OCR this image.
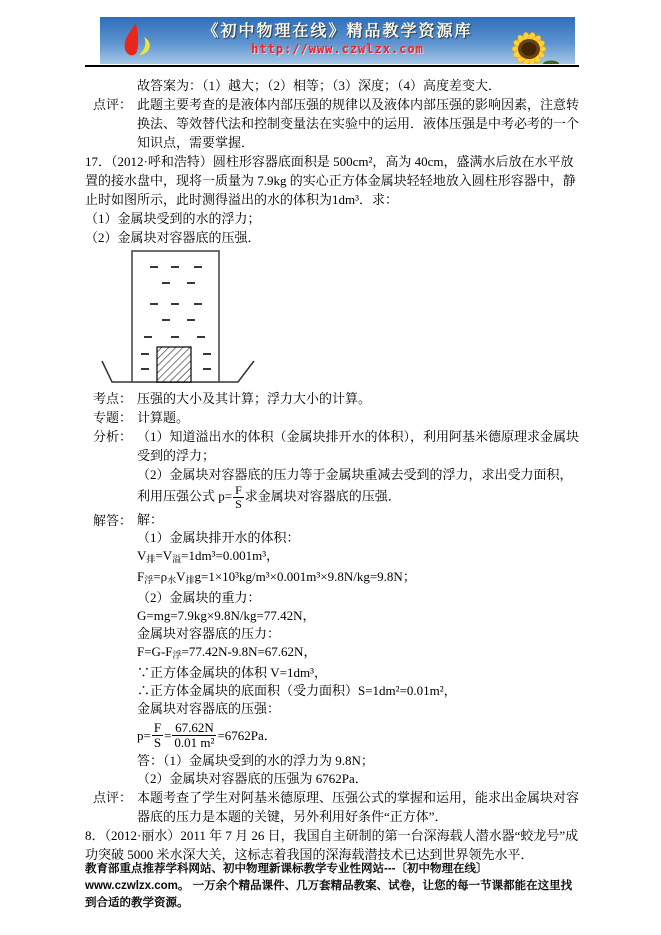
《初中物理在线》精品教学资源库
http://www.czwlzx.com
故答案为：（1）越大；（2）相等；（3）深度；（4）高度差变大．
点评： 此题主要考查的是液体内部压强的规律以及液体内部压强的影响因素，注意转换法、等效替代法和控制变量法在实验中的运用．液体压强是中考必考的一个知识点，需要掌握．
17．（2012·呼和浩特）圆柱形容器底面积是 500cm²，高为 40cm，盛满水后放在水平放置的接水盘中，现将一质量为 7.9kg 的实心正方体金属块轻轻地放入圆柱形容器中，静止时如图所示，此时测得溢出的水的体积为1dm³．求：
（1）金属块受到的水的浮力；
（2）金属块对容器底的压强．
考点： 压强的大小及其计算；浮力大小的计算。
专题： 计算题。
分析： （1）知道溢出水的体积（金属块排开水的体积），利用阿基米德原理求金属块受到的浮力；
（2）金属块对容器底的压力等于金属块重减去受到的浮力，求出受力面积，利用压强公式 $p= \frac{F}{S}$ 求金属块对容器底的压强．
解答： 解：
（1）金属块排开水的体积：
V排=V溢=1dm³=0.001m³，
F浮=ρ水V排g=1×10³kg/m³×0.001m³×9.8N/kg=9.8N；
（2）金属块的重力：
G=mg=7.9kg×9.8N/kg=77.42N，
金属块对容器底的压力：
F=G-F浮=77.42N-9.8N=67.62N，
∵正方体金属块的体积 V=1dm³，
∴正方体金属块的底面积（受力面积）S=1dm²=0.01m²，
金属块对容器底的压强：
$p= \frac{F}{S} = \frac{67.62N}{\text{0.01 m²}} =6762Pa$．
答：（1）金属块受到的水的浮力为 9.8N；
（2）金属块对容器底的压强为 6762Pa．
点评： 本题考查了学生对阿基米德原理、压强公式的掌握和运用，能求出金属块对容器底的压力是本题的关键，另外利用好条件“正方体”．
8．（2012·丽水）2011 年 7 月 26 日，我国自主研制的第一台深海载人潜水器“蛟龙号”成功突破 5000 米水深大关，这标志着我国的深海载潜技术已达到世界领先水平．
教育部重点推荐学科网站、初中物理新课标教学专业性网站---〔初中物理在线〕www.czwlzx.com。 一万余个精品课件、几万套精品教案、试卷，让您的每一节课都能在这里找到合适的教学资源。
